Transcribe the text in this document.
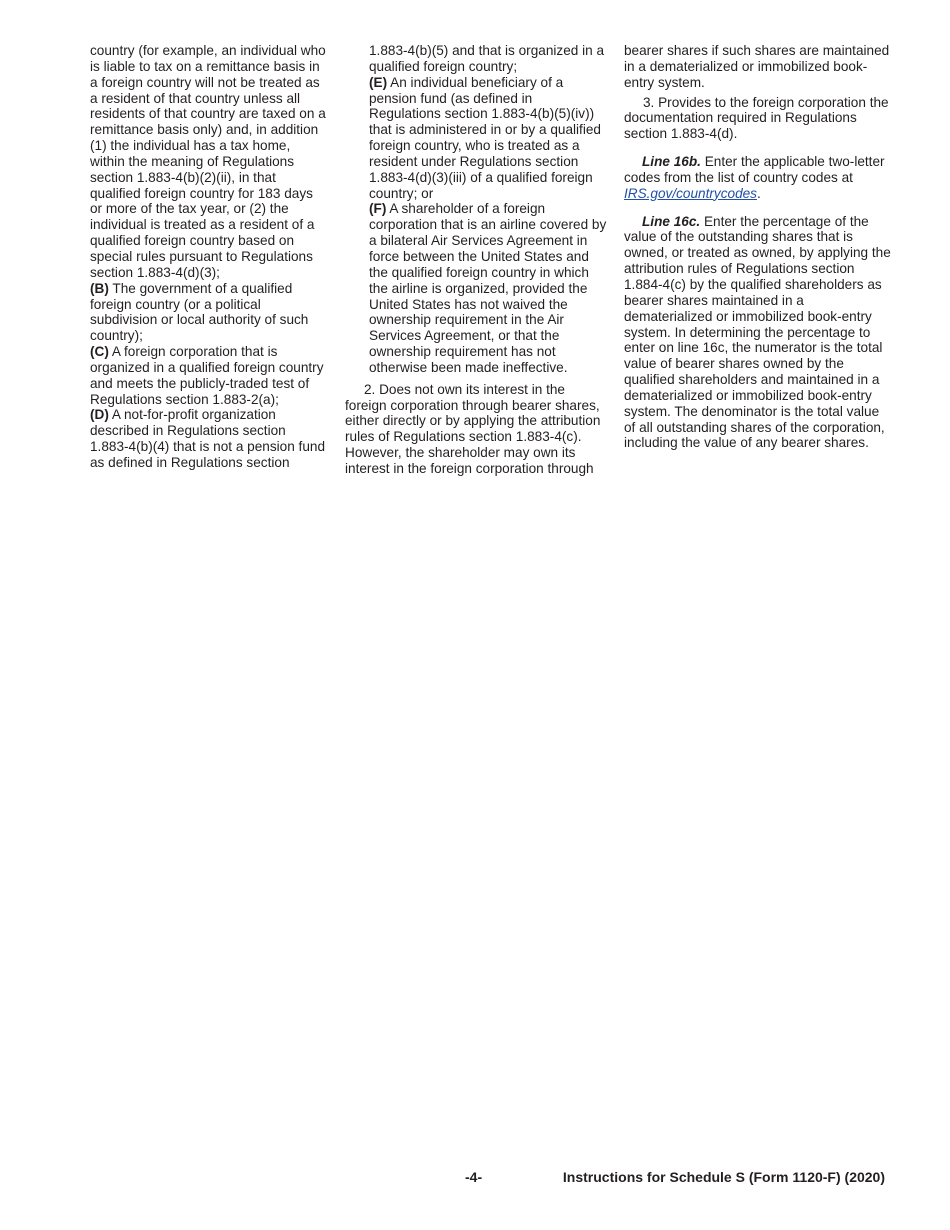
country (for example, an individual who is liable to tax on a remittance basis in a foreign country will not be treated as a resident of that country unless all residents of that country are taxed on a remittance basis only) and, in addition (1) the individual has a tax home, within the meaning of Regulations section 1.883-4(b)(2)(ii), in that qualified foreign country for 183 days or more of the tax year, or (2) the individual is treated as a resident of a qualified foreign country based on special rules pursuant to Regulations section 1.883-4(d)(3);

(B) The government of a qualified foreign country (or a political subdivision or local authority of such country);

(C) A foreign corporation that is organized in a qualified foreign country and meets the publicly-traded test of Regulations section 1.883-2(a);

(D) A not-for-profit organization described in Regulations section 1.883-4(b)(4) that is not a pension fund as defined in Regulations section

1.883-4(b)(5) and that is organized in a qualified foreign country;

(E) An individual beneficiary of a pension fund (as defined in Regulations section 1.883-4(b)(5)(iv)) that is administered in or by a qualified foreign country, who is treated as a resident under Regulations section 1.883-4(d)(3)(iii) of a qualified foreign country; or

(F) A shareholder of a foreign corporation that is an airline covered by a bilateral Air Services Agreement in force between the United States and the qualified foreign country in which the airline is organized, provided the United States has not waived the ownership requirement in the Air Services Agreement, or that the ownership requirement has not otherwise been made ineffective.

2. Does not own its interest in the foreign corporation through bearer shares, either directly or by applying the attribution rules of Regulations section 1.883-4(c). However, the shareholder may own its interest in the foreign corporation through

bearer shares if such shares are maintained in a dematerialized or immobilized book-entry system.

3. Provides to the foreign corporation the documentation required in Regulations section 1.883-4(d).

Line 16b. Enter the applicable two-letter codes from the list of country codes at IRS.gov/countrycodes.

Line 16c. Enter the percentage of the value of the outstanding shares that is owned, or treated as owned, by applying the attribution rules of Regulations section 1.884-4(c) by the qualified shareholders as bearer shares maintained in a dematerialized or immobilized book-entry system. In determining the percentage to enter on line 16c, the numerator is the total value of bearer shares owned by the qualified shareholders and maintained in a dematerialized or immobilized book-entry system. The denominator is the total value of all outstanding shares of the corporation, including the value of any bearer shares.

-4-	Instructions for Schedule S (Form 1120-F) (2020)
